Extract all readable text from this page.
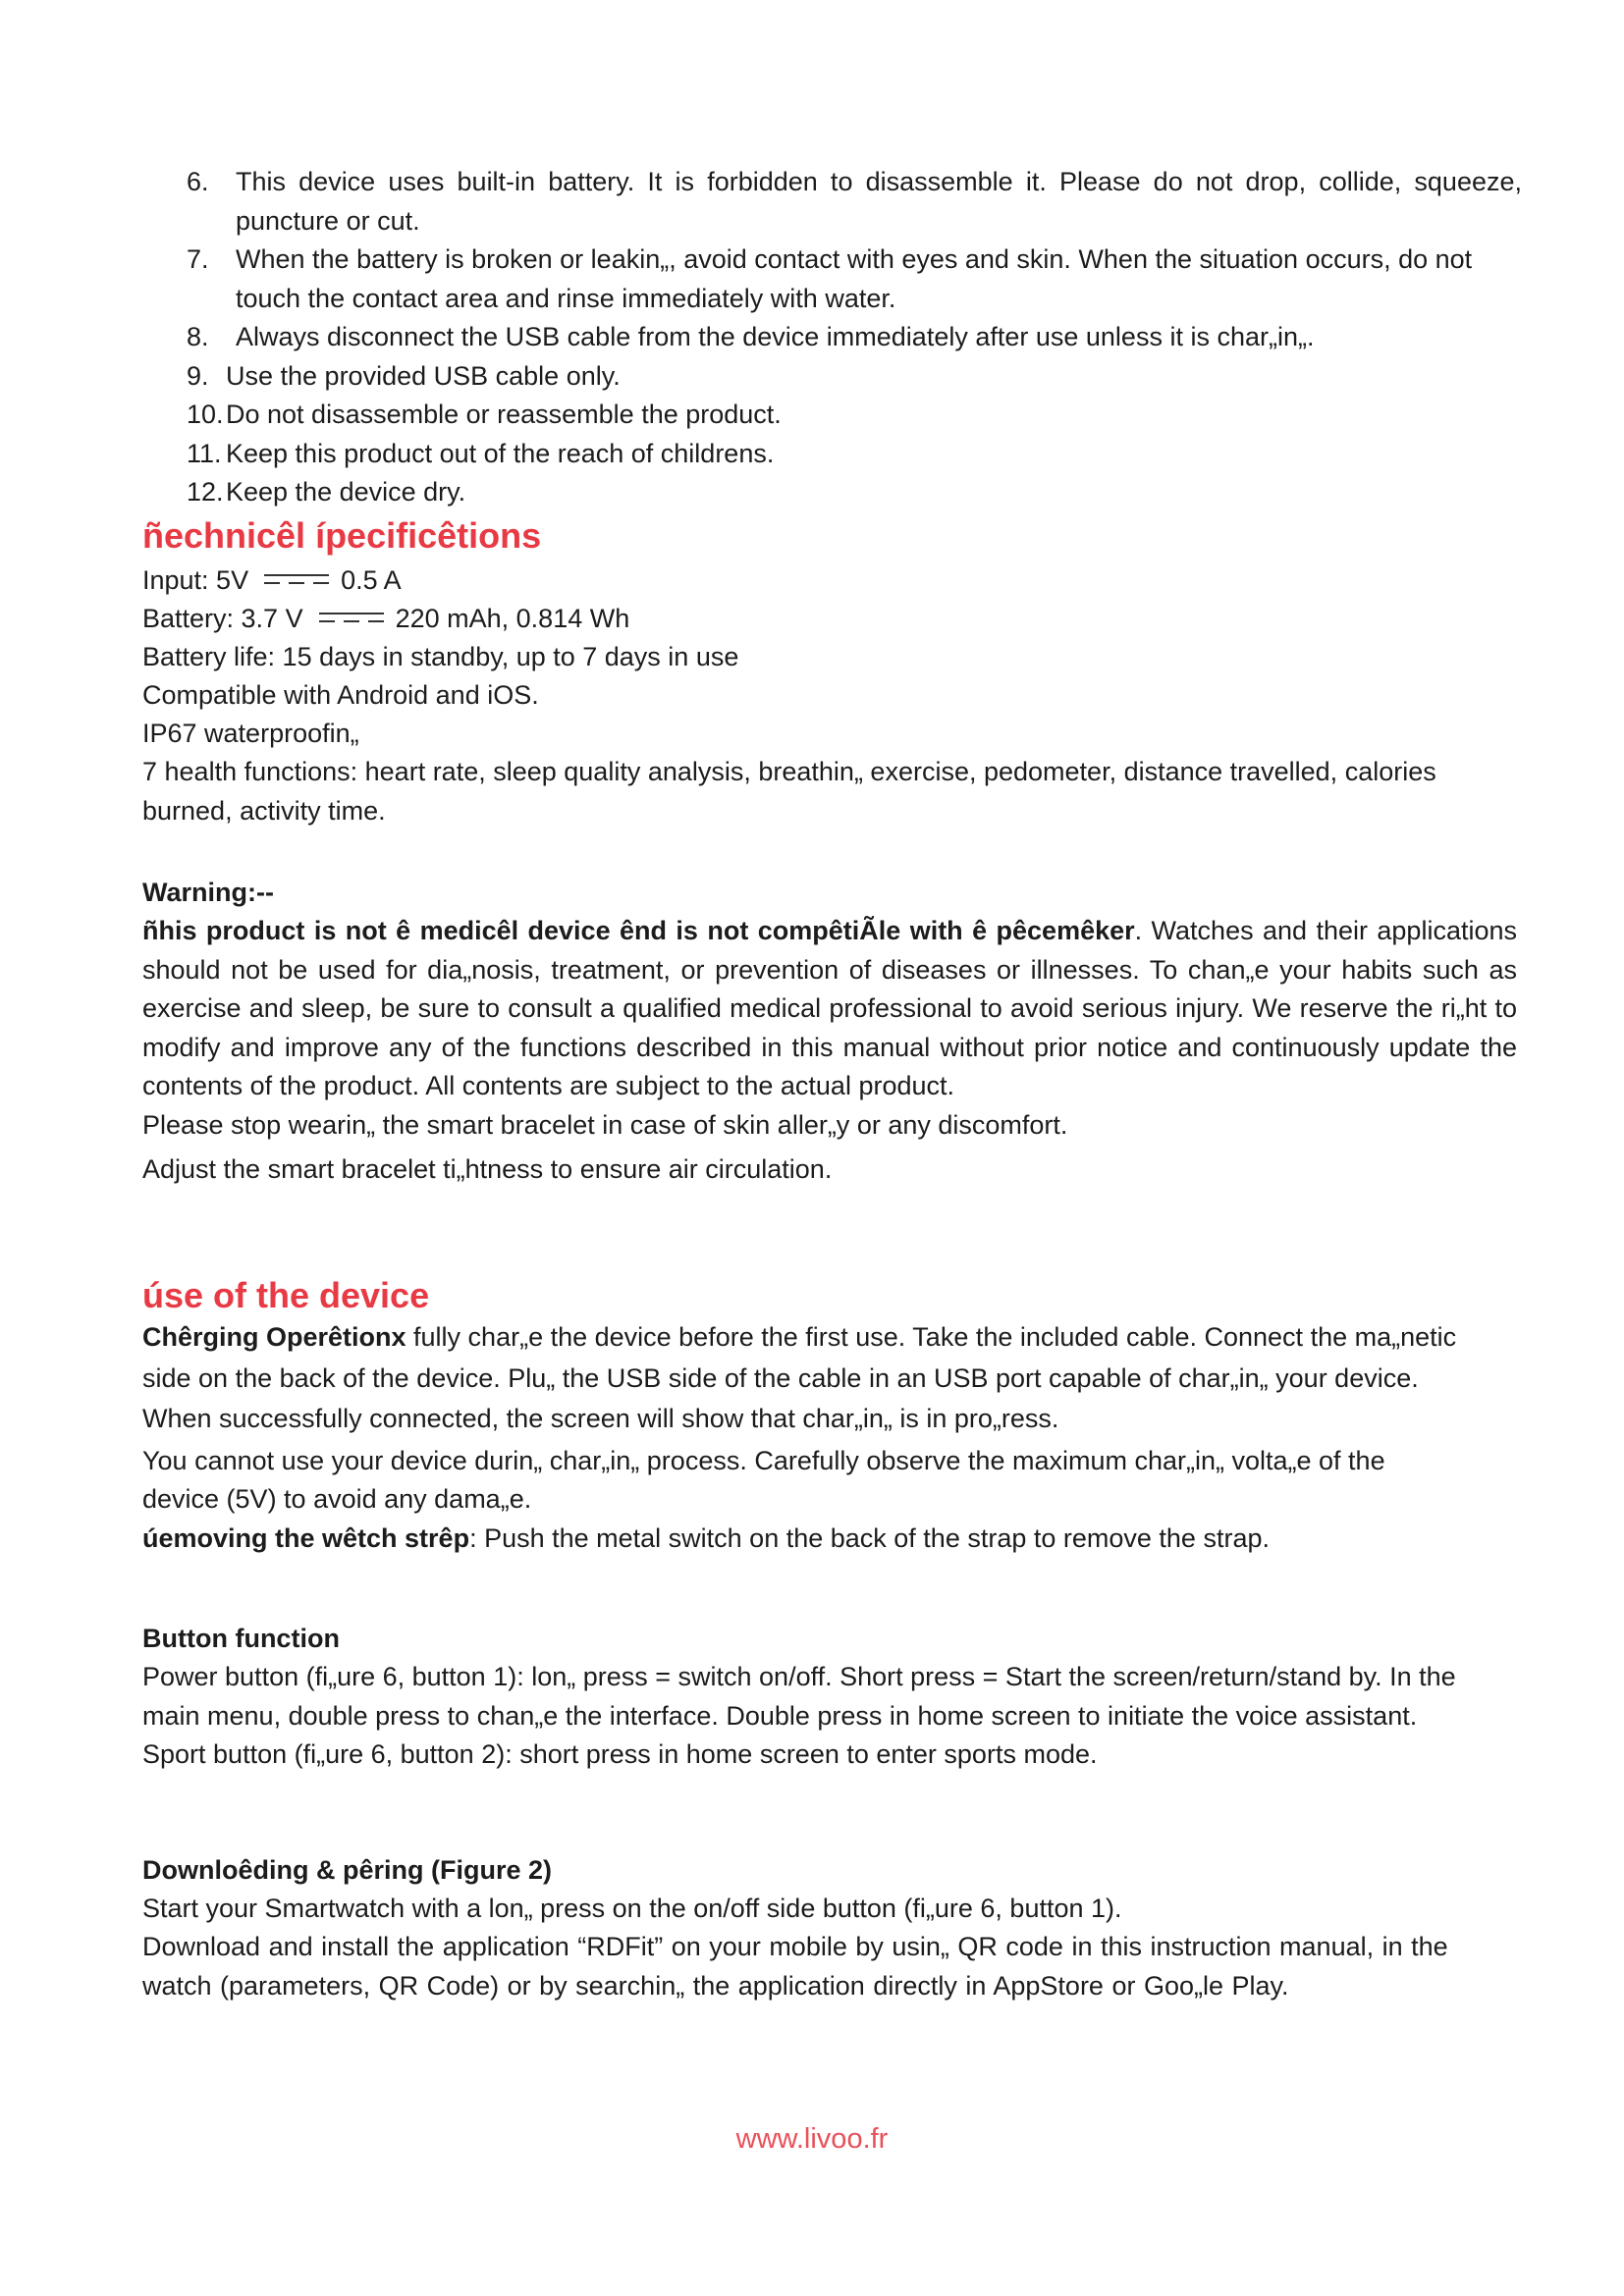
6.	This device uses built-in battery. It is forbidden to disassemble it. Please do not drop, collide, squeeze, puncture or cut.
7.	When the battery is broken or leakin„, avoid contact with eyes and skin. When the situation occurs, do not touch the contact area and rinse immediately with water.
8.	Always disconnect the USB cable from the device immediately after use unless it is char„in„.
9. Use the provided USB cable only.
10. Do not disassemble or reassemble the product.
11. Keep this product out of the reach of childrens.
12. Keep the device dry.
ñechnicêl ípecificêtions
Input: 5V	0.5 A
Battery: 3.7 V	220 mAh, 0.814 Wh
Battery life: 15 days in standby, up to 7 days in use
Compatible with Android and iOS.
IP67 waterproofin„
7 health functions: heart rate, sleep quality analysis, breathin„ exercise, pedometer, distance travelled, calories burned, activity time.
Warning:--

ñhis product is not ê medicêl device ênd is not compêtiÃle with ê pêcemêker. Watches and their applications should not be used for dia„nosis, treatment, or prevention of diseases or illnesses. To chan„e your habits such as exercise and sleep, be sure to consult a qualified medical professional to avoid serious injury. We reserve the ri„ht to modify and improve any of the functions described in this manual without prior notice and continuously update the contents of the product. All contents are subject to the actual product.

Please stop wearin„ the smart bracelet in case of skin aller„y or any discomfort.
Adjust the smart bracelet ti„htness to ensure air circulation.
úse of the device

Chêrging Operêtionx fully char„e the device before the first use. Take the included cable. Connect the ma„netic side on the back of the device. Plu„ the USB side of the cable in an USB port capable of char„in„ your device. When successfully connected, the screen will show that char„in„ is in pro„ress.

You cannot use your device durin„ char„in„ process. Carefully observe the maximum char„in„ volta„e of the device (5V) to avoid any dama„e.

úemoving the wêtch strêp: Push the metal switch on the back of the strap to remove the strap.

Button function

Power button (fi„ure 6, button 1): lon„ press = switch on/off. Short press = Start the screen/return/stand by. In the main menu, double press to chan„e the interface. Double press in home screen to initiate the voice assistant.

Sport button (fi„ure 6, button 2): short press in home screen to enter sports mode.

Downloêding & pêring (Figure 2)

Start your Smartwatch with a lon„ press on the on/off side button (fi„ure 6, button 1).

Download and install the application “RDFit” on your mobile by usin„ QR code in this instruction manual, in the watch (parameters, QR Code) or by searchin„ the application directly in AppStore or Goo„le Play.

www.livoo.fr
